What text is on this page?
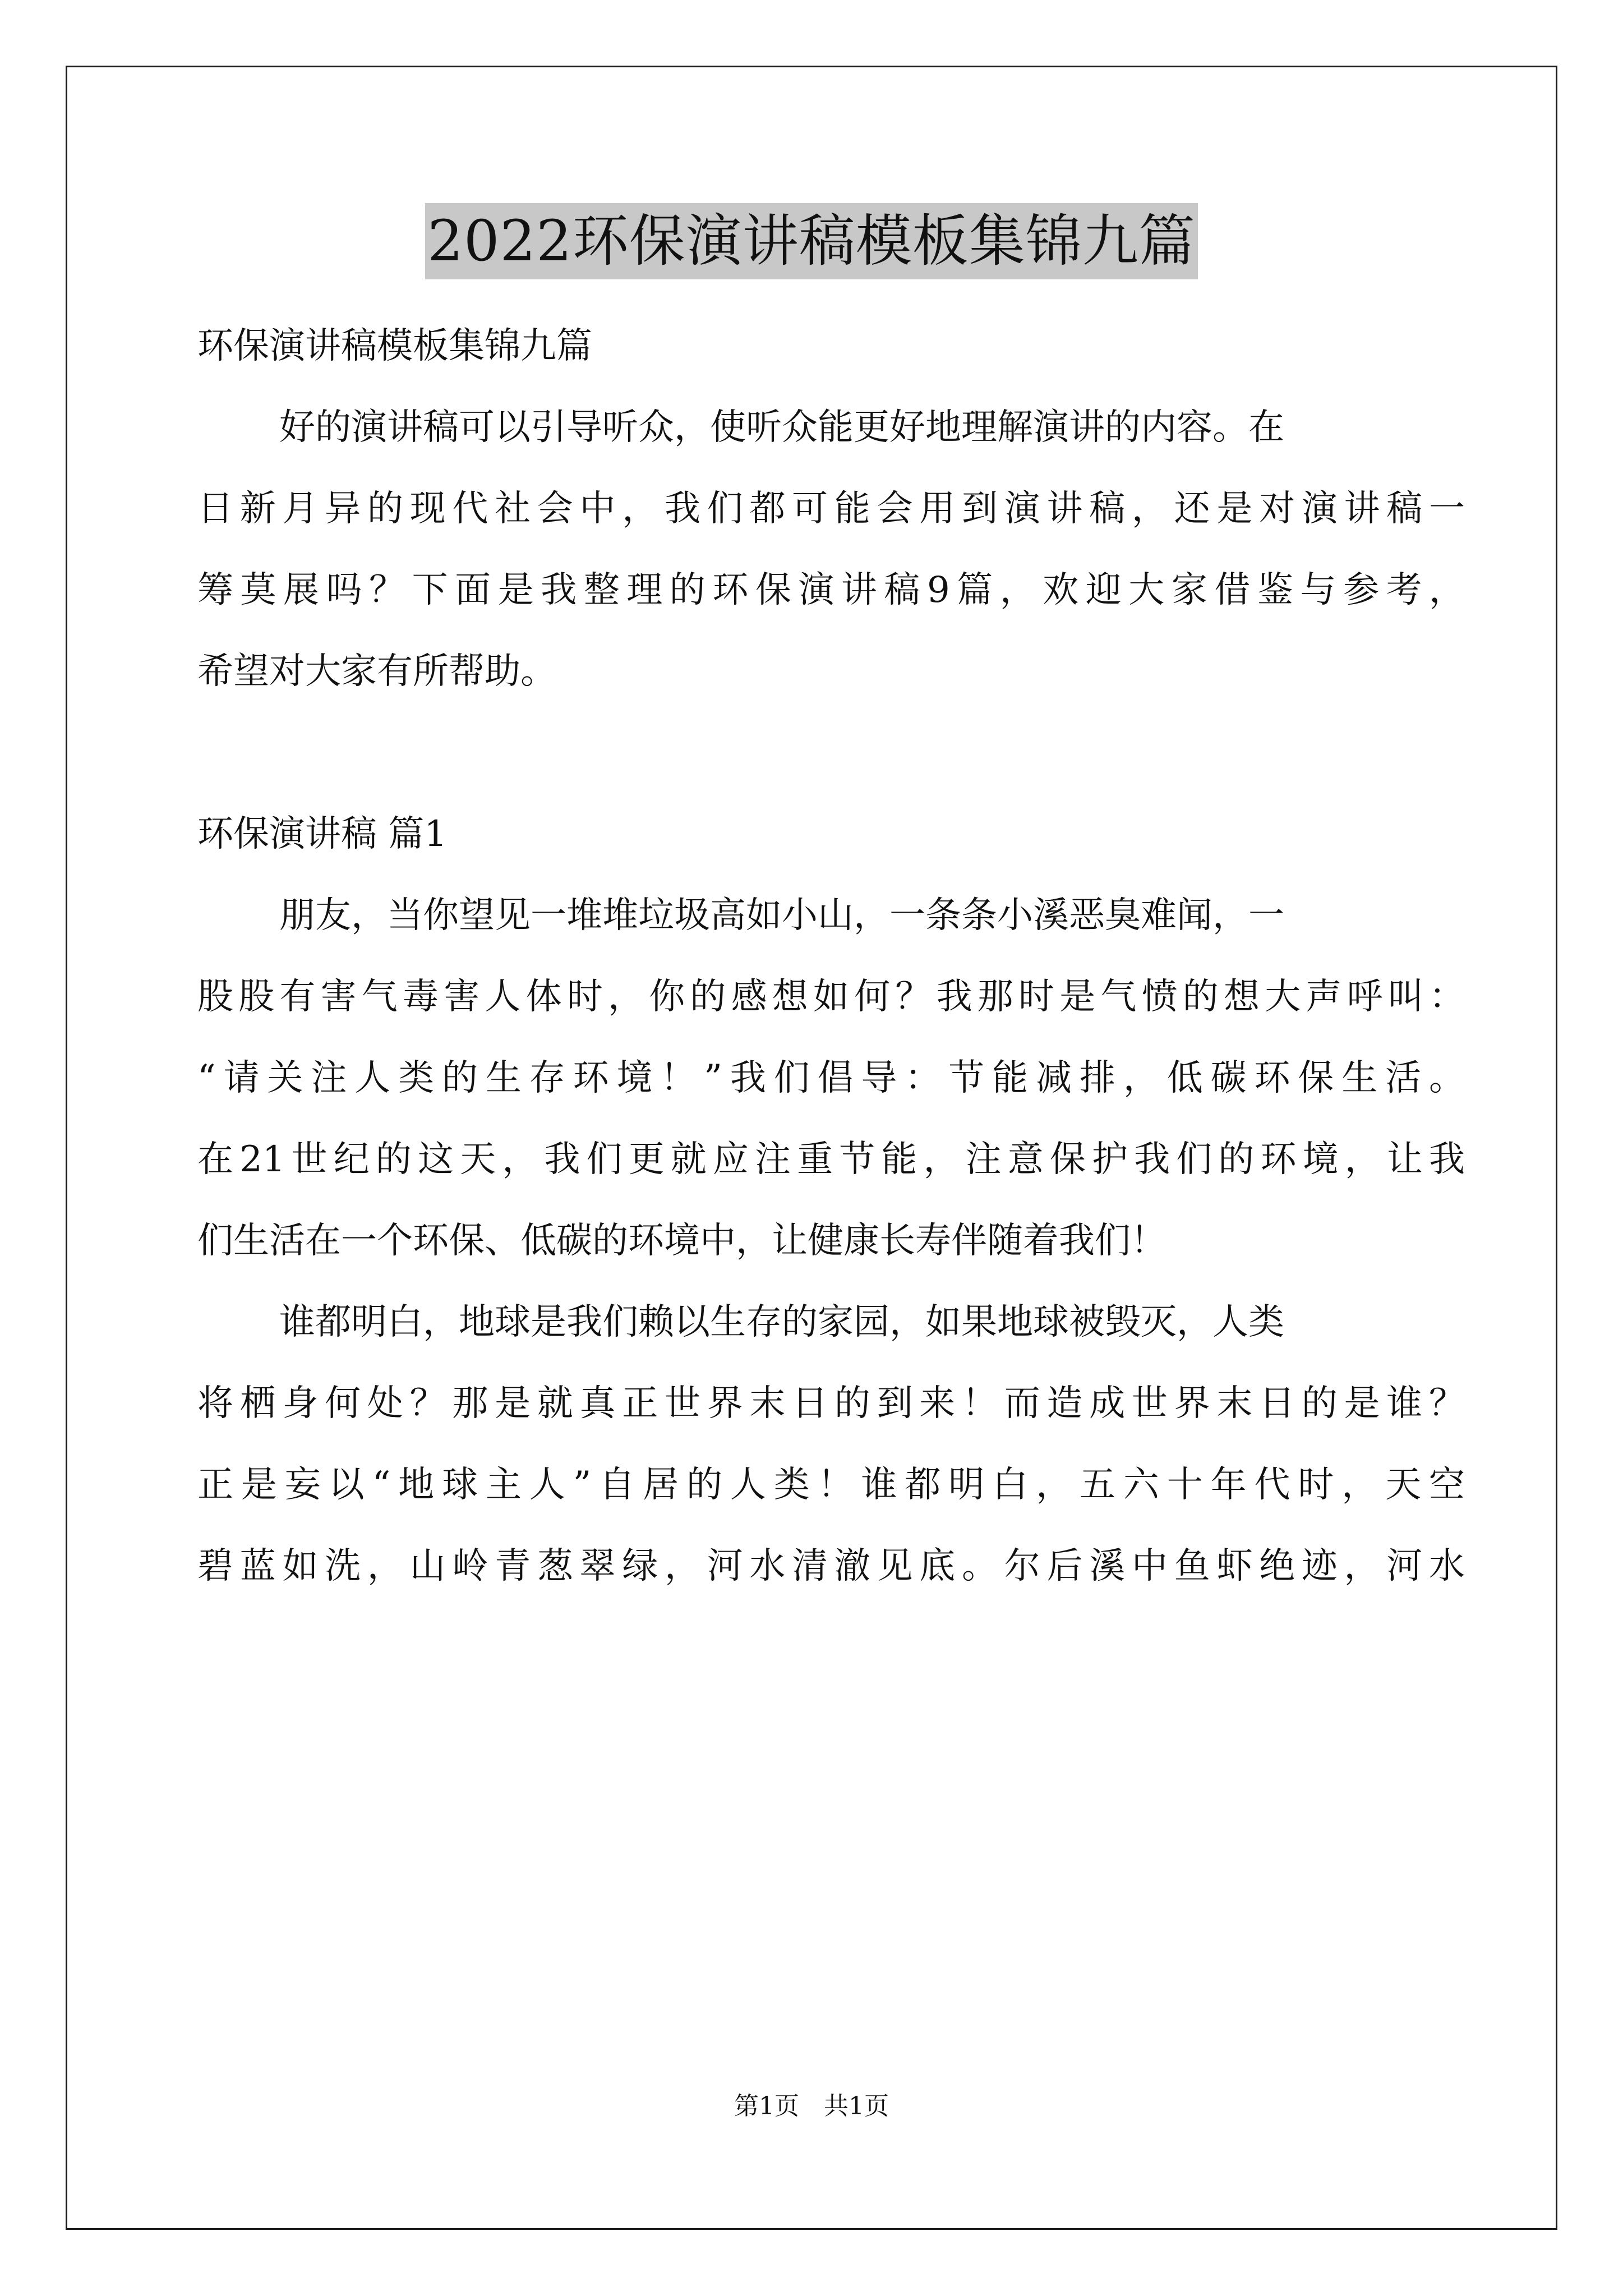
2022环保演讲稿模板集锦九篇
环保演讲稿模板集锦九篇
好的演讲稿可以引导听众，使听众能更好地理解演讲的内容。在
日新月异的现代社会中，我们都可能会用到演讲稿，还是对演讲稿一
筹莫展吗？下面是我整理的环保演讲稿9篇，欢迎大家借鉴与参考，
希望对大家有所帮助。
环保演讲稿 篇1
朋友，当你望见一堆堆垃圾高如小山，一条条小溪恶臭难闻，一
股股有害气毒害人体时，你的感想如何？我那时是气愤的想大声呼叫：
“请关注人类的生存环境！”我们倡导：节能减排，低碳环保生活。
在21世纪的这天，我们更就应注重节能，注意保护我们的环境，让我
们生活在一个环保、低碳的环境中，让健康长寿伴随着我们！
谁都明白，地球是我们赖以生存的家园，如果地球被毁灭，人类
将栖身何处？那是就真正世界末日的到来！而造成世界末日的是谁？
正是妄以“地球主人”自居的人类！谁都明白，五六十年代时，天空
碧蓝如洗，山岭青葱翠绿，河水清澈见底。尔后溪中鱼虾绝迹，河水
第1页　共1页
